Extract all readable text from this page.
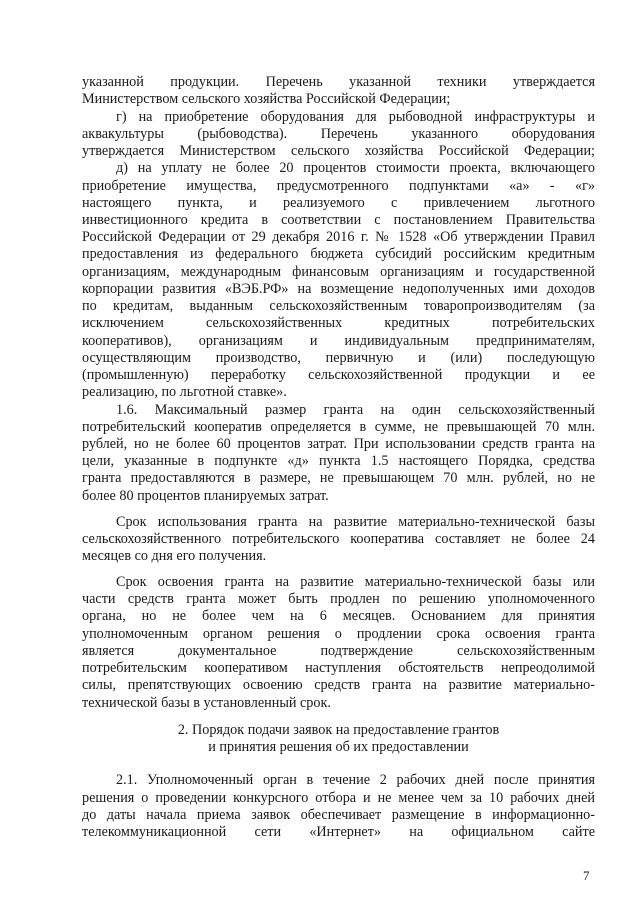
указанной продукции. Перечень указанной техники утверждается
Министерством сельского хозяйства Российской Федерации;
г) на приобретение оборудования для рыбоводной инфраструктуры и
аквакультуры (рыбоводства). Перечень указанного оборудования
утверждается Министерством сельского хозяйства Российской Федерации;
д) на уплату не более 20 процентов стоимости проекта, включающего
приобретение имущества, предусмотренного подпунктами «а» - «г»
настоящего пункта, и реализуемого с привлечением льготного
инвестиционного кредита в соответствии с постановлением Правительства
Российской Федерации от 29 декабря 2016 г. № 1528 «Об утверждении Правил
предоставления из федерального бюджета субсидий российским кредитным
организациям, международным финансовым организациям и государственной
корпорации развития «ВЭБ.РФ» на возмещение недополученных ими доходов
по кредитам, выданным сельскохозяйственным товаропроизводителям (за
исключением сельскохозяйственных кредитных потребительских
кооперативов), организациям и индивидуальным предпринимателям,
осуществляющим производство, первичную и (или) последующую
(промышленную) переработку сельскохозяйственной продукции и ее
реализацию, по льготной ставке».
1.6. Максимальный размер гранта на один сельскохозяйственный
потребительский кооператив определяется в сумме, не превышающей 70 млн.
рублей, но не более 60 процентов затрат. При использовании средств гранта на
цели, указанные в подпункте «д» пункта 1.5 настоящего Порядка, средства
гранта предоставляются в размере, не превышающем 70 млн. рублей, но не
более 80 процентов планируемых затрат.
Срок использования гранта на развитие материально-технической базы
сельскохозяйственного потребительского кооператива составляет не более 24
месяцев со дня его получения.
Срок освоения гранта на развитие материально-технической базы или
части средств гранта может быть продлен по решению уполномоченного
органа, но не более чем на 6 месяцев. Основанием для принятия
уполномоченным органом решения о продлении срока освоения гранта
является документальное подтверждение сельскохозяйственным
потребительским кооперативом наступления обстоятельств непреодолимой
силы, препятствующих освоению средств гранта на развитие материально-
технической базы в установленный срок.
2. Порядок подачи заявок на предоставление грантов
и принятия решения об их предоставлении
2.1. Уполномоченный орган в течение 2 рабочих дней после принятия
решения о проведении конкурсного отбора и не менее чем за 10 рабочих дней
до даты начала приема заявок обеспечивает размещение в информационно-
телекоммуникационной сети «Интернет» на официальном сайте
7
